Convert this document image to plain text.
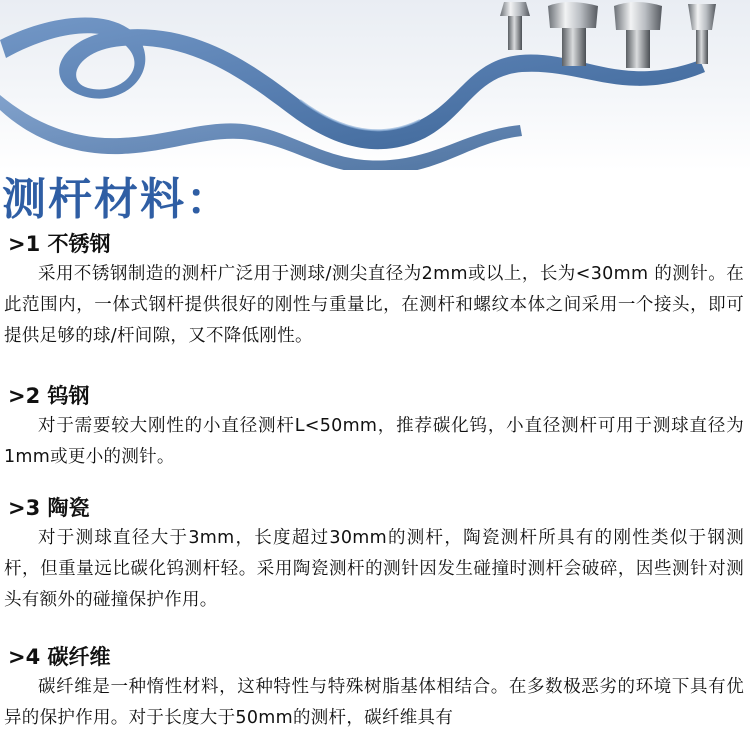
测杆材料：
>1 不锈钢

采用不锈钢制造的测杆广泛用于测球/测尖直径为2mm或以上，长为<30mm 的测针。在此范围内，一体式钢杆提供很好的刚性与重量比，在测杆和螺纹本体之间采用一个接头，即可提供足够的球/杆间隙，又不降低刚性。

>2 钨钢

对于需要较大刚性的小直径测杆L<50mm，推荐碳化钨，小直径测杆可用于测球直径为1mm或更小的测针。

>3 陶瓷

对于测球直径大于3mm，长度超过30mm的测杆，陶瓷测杆所具有的刚性类似于钢测杆，但重量远比碳化钨测杆轻。采用陶瓷测杆的测针因发生碰撞时测杆会破碎，因些测针对测头有额外的碰撞保护作用。

>4 碳纤维

碳纤维是一种惰性材料，这种特性与特殊树脂基体相结合。在多数极恶劣的环境下具有优异的保护作用。对于长度大于50mm的测杆，碳纤维具有
